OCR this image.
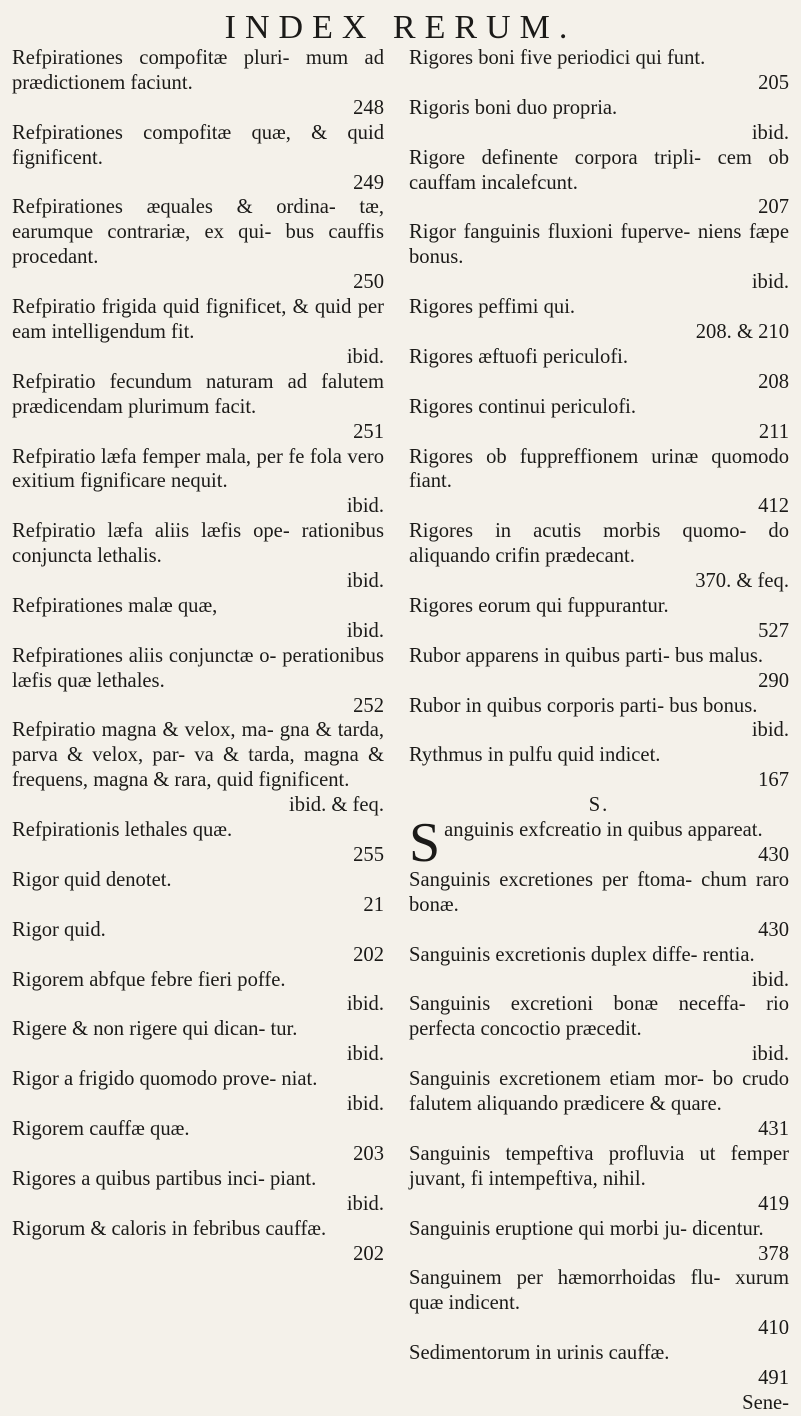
INDEX RERUM.
Refpirationes compofitæ pluri- mum ad prædictionem faciunt.
248
Refpirationes compofitæ quæ, & quid fignificent.
249
Refpirationes æquales & ordina- tæ, earumque contrariæ, ex qui- bus cauffis procedant.
250
Refpiratio frigida quid fignificet, & quid per eam intelligendum fit.
ibid.
Refpiratio fecundum naturam ad falutem prædicendam plurimum facit.
251
Refpiratio læfa femper mala, per fe fola vero exitium fignificare nequit.
ibid.
Refpiratio læfa aliis læfis ope- rationibus conjuncta lethalis.
ibid.
Refpirationes malæ quæ,
ibid.
Refpirationes aliis conjunctæ o- perationibus læfis quæ lethales.
252
Refpiratio magna & velox, ma- gna & tarda, parva & velox, par- va & tarda, magna & frequens, magna & rara, quid fignificent.
ibid. & feq.
Refpirationis lethales quæ.
255
Rigor quid denotet.
21
Rigor quid.
202
Rigorem abfque febre fieri poffe.
ibid.
Rigere & non rigere qui dican- tur.
ibid.
Rigor a frigido quomodo prove- niat.
ibid.
Rigorem cauffæ quæ.
203
Rigores a quibus partibus inci- piant.
ibid.
Rigorum & caloris in febribus cauffæ.
202
Rigores boni five periodici qui funt.
205
Rigoris boni duo propria.
ibid.
Rigore definente corpora tripli- cem ob cauffam incalefcunt.
207
Rigor fanguinis fluxioni fuperve- niens fæpe bonus.
ibid.
Rigores peffimi qui.
208. & 210
Rigores æftuofi periculofi.
208
Rigores continui periculofi.
211
Rigores ob fuppreffionem urinæ quomodo fiant.
412
Rigores in acutis morbis quomo- do aliquando crifin prædecant.
370. & feq.
Rigores eorum qui fuppurantur.
527
Rubor apparens in quibus parti- bus malus.
290
Rubor in quibus corporis parti- bus bonus.
ibid.
Rythmus in pulfu quid indicet.
167
S.
Sanguinis exfcreatio in quibus appareat.
430
Sanguinis excretiones per ftoma- chum raro bonæ.
430
Sanguinis excretionis duplex diffe- rentia.
ibid.
Sanguinis excretioni bonæ neceffa- rio perfecta concoctio præcedit.
ibid.
Sanguinis excretionem etiam mor- bo crudo falutem aliquando prædicere & quare.
431
Sanguinis tempeftiva profluvia ut femper juvant, fi intempeftiva, nihil.
419
Sanguinis eruptione qui morbi ju- dicentur.
378
Sanguinem per hæmorrhoidas flu- xurum quæ indicent.
410
Sedimentorum in urinis cauffæ.
491
Sene-
